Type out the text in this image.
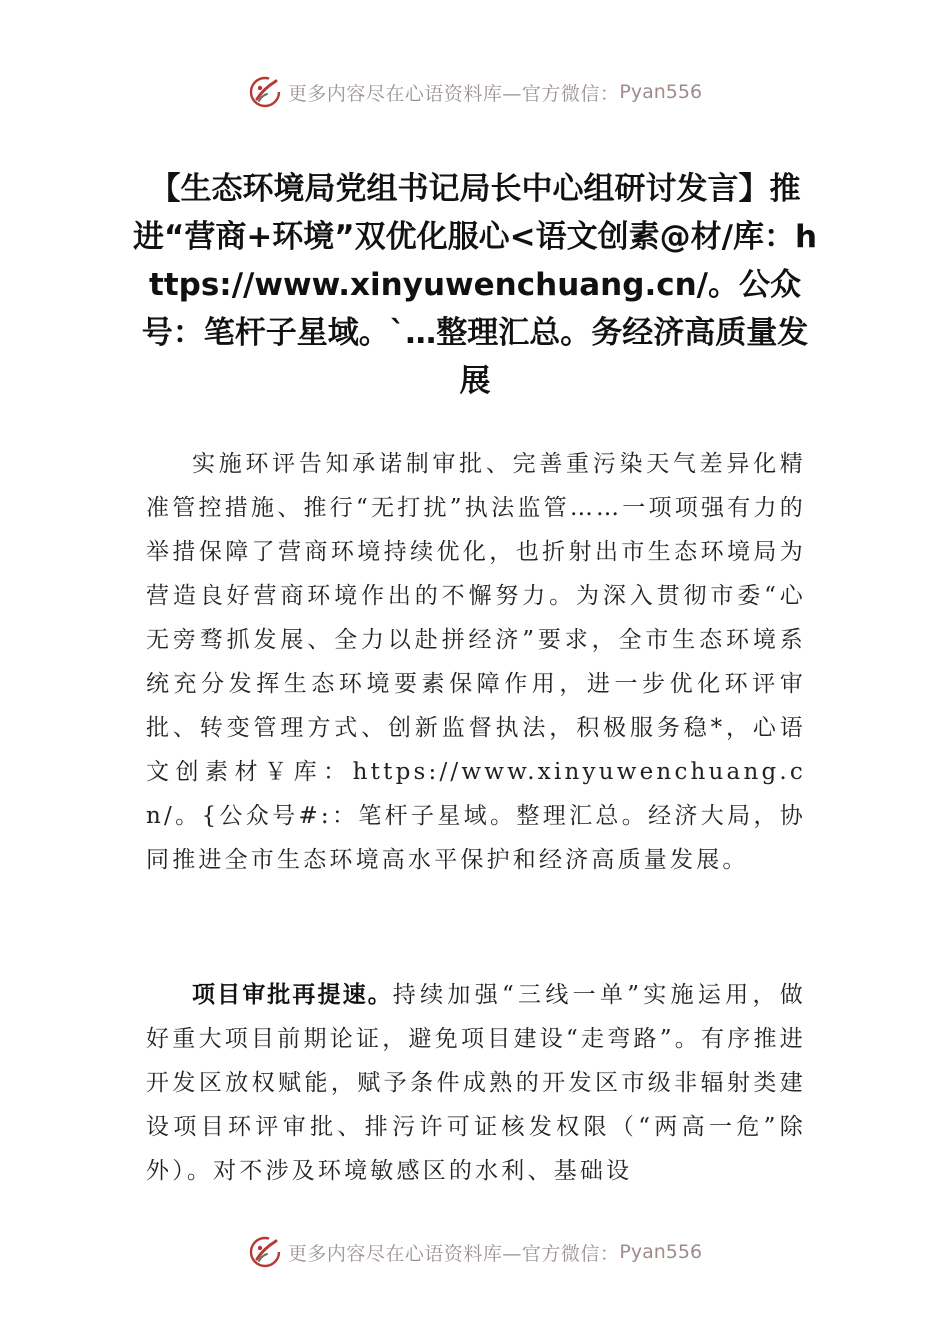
更多内容尽在心语资料库—官方微信： Pyan556
【生态环境局党组书记局长中心组研讨发言】推进“营商+环境”双优化服心<语文创素@材/库：https://www.xinyuwenchuang.cn/。公众号：笔杆子星域。`…整理汇总。务经济高质量发展

实施环评告知承诺制审批、完善重污染天气差异化精准管控措施、推行“无打扰”执法监管……一项项强有力的举措保障了营商环境持续优化，也折射出市生态环境局为营造良好营商环境作出的不懈努力。为深入贯彻市委“心无旁骛抓发展、全力以赴拼经济”要求，全市生态环境系统充分发挥生态环境要素保障作用，进一步优化环评审批、转变管理方式、创新监督执法，积极服务稳*，心语文创素材￥库：https://www.xinyuwenchuang.cn/。{公众号#:：笔杆子星域。整理汇总。经济大局，协同推进全市生态环境高水平保护和经济高质量发展。

项目审批再提速。持续加强“三线一单”实施运用，做好重大项目前期论证，避免项目建设“走弯路”。有序推进开发区放权赋能，赋予条件成熟的开发区市级非辐射类建设项目环评审批、排污许可证核发权限（“两高一危”除外）。对不涉及环境敏感区的水利、基础设

更多内容尽在心语资料库—官方微信： Pyan556
